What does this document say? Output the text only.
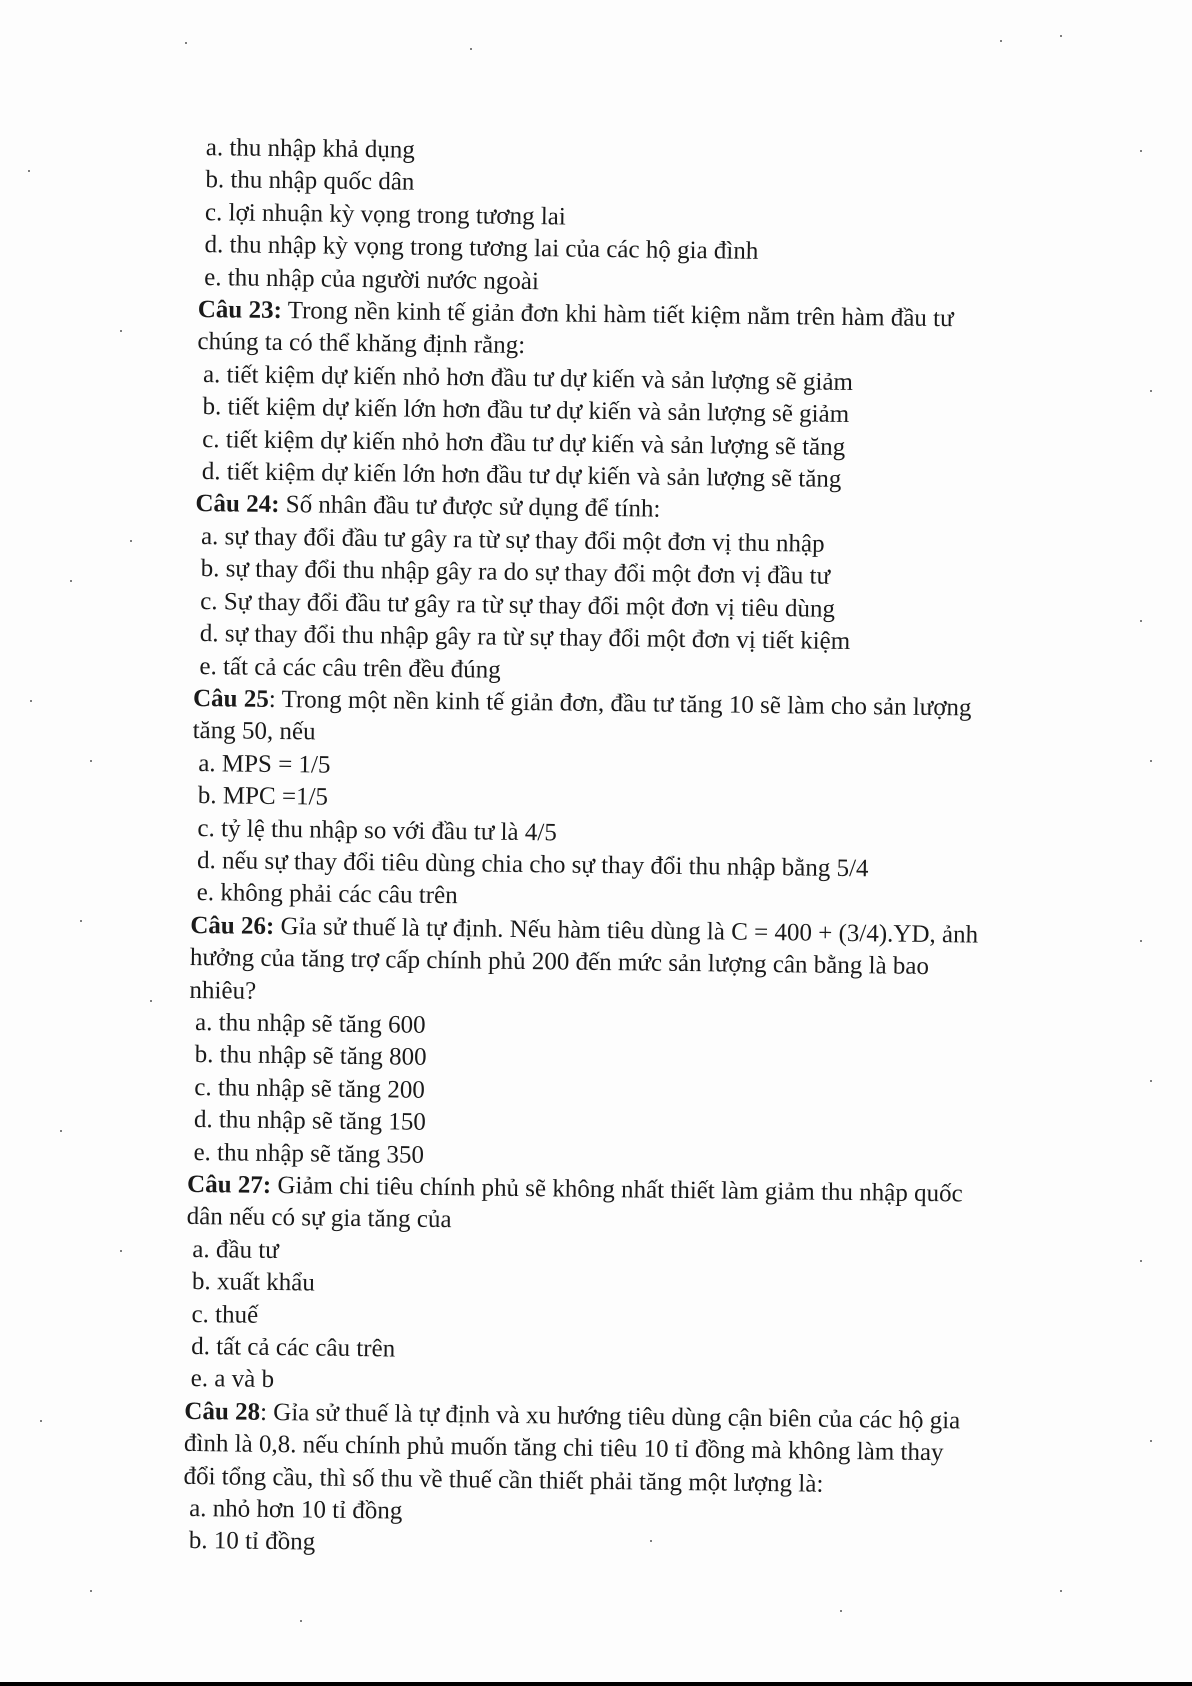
a. thu nhập khả dụng
b. thu nhập quốc dân
c. lợi nhuận kỳ vọng trong tương lai
d. thu nhập kỳ vọng trong tương lai của các hộ gia đình
e. thu nhập của người nước ngoài
Câu 23: Trong nền kinh tế giản đơn khi hàm tiết kiệm nằm trên hàm đầu tư
chúng ta có thể khăng định rằng:
a. tiết kiệm dự kiến nhỏ hơn đầu tư dự kiến và sản lượng sẽ giảm
b. tiết kiệm dự kiến lớn hơn đầu tư dự kiến và sản lượng sẽ giảm
c. tiết kiệm dự kiến nhỏ hơn đầu tư dự kiến và sản lượng sẽ tăng
d. tiết kiệm dự kiến lớn hơn đầu tư dự kiến và sản lượng sẽ tăng
Câu 24: Số nhân đầu tư được sử dụng để tính:
a. sự thay đổi đầu tư gây ra từ sự thay đổi một đơn vị thu nhập
b. sự thay đổi thu nhập gây ra do sự thay đổi một đơn vị đầu tư
c. Sự thay đổi đầu tư gây ra từ sự thay đổi một đơn vị tiêu dùng
d. sự thay đổi thu nhập gây ra từ sự thay đổi một đơn vị tiết kiệm
e. tất cả các câu trên đều đúng
Câu 25: Trong một nền kinh tế giản đơn, đầu tư tăng 10 sẽ làm cho sản lượng
tăng 50, nếu
a. MPS = 1/5
b. MPC =1/5
c. tỷ lệ thu nhập so với đầu tư là 4/5
d. nếu sự thay đổi tiêu dùng chia cho sự thay đổi thu nhập bằng 5/4
e. không phải các câu trên
Câu 26: Gỉa sử thuế là tự định. Nếu hàm tiêu dùng là C = 400 + (3/4).YD, ảnh
hưởng của tăng trợ cấp chính phủ 200 đến mức sản lượng cân bằng là bao
nhiêu?
a. thu nhập sẽ tăng 600
b. thu nhập sẽ tăng 800
c. thu nhập sẽ tăng 200
d. thu nhập sẽ tăng 150
e. thu nhập sẽ tăng 350
Câu 27: Giảm chi tiêu chính phủ sẽ không nhất thiết làm giảm thu nhập quốc
dân nếu có sự gia tăng của
a. đầu tư
b. xuất khẩu
c. thuế
d. tất cả các câu trên
e. a và b
Câu 28: Gỉa sử thuế là tự định và xu hướng tiêu dùng cận biên của các hộ gia
đình là 0,8. nếu chính phủ muốn tăng chi tiêu 10 tỉ đồng mà không làm thay
đổi tổng cầu, thì số thu về thuế cần thiết phải tăng một lượng là:
a. nhỏ hơn 10 tỉ đồng
b. 10 tỉ đồng
